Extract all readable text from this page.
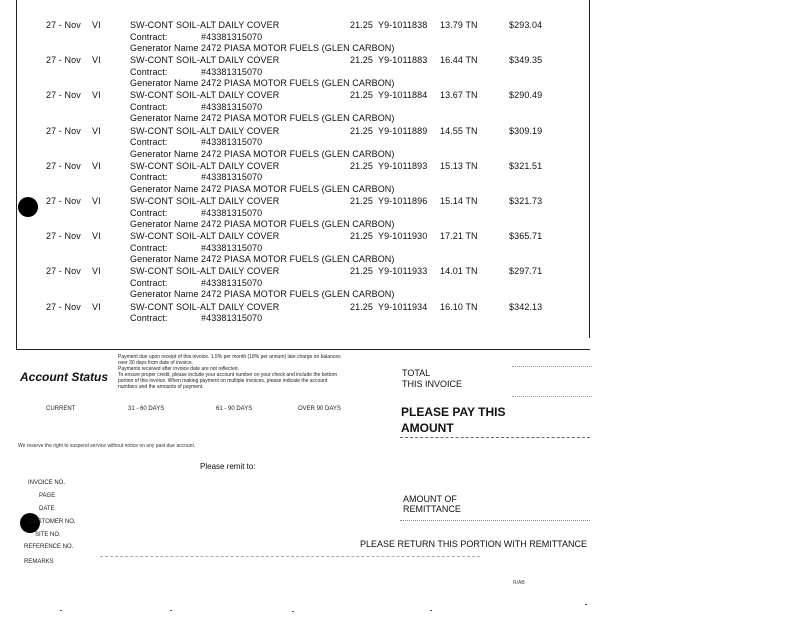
27 - Nov VI	SW-CONT SOIL-ALT DAILY COVER	21.25 Y9-1011838 13.79 TN	$293.04
Contract:	#43381315070
Generator Name 2472 PIASA MOTOR FUELS (GLEN CARBON)
27 - Nov VI	SW-CONT SOIL-ALT DAILY COVER	21.25 Y9-1011883 16.44 TN	$349.35
Contract:	#43381315070
Generator Name 2472 PIASA MOTOR FUELS (GLEN CARBON)
27 - Nov VI	SW-CONT SOIL-ALT DAILY COVER	21.25 Y9-1011884 13.67 TN	$290.49
Contract:	#43381315070
Generator Name 2472 PIASA MOTOR FUELS (GLEN CARBON)
27 - Nov VI	SW-CONT SOIL-ALT DAILY COVER	21.25 Y9-1011889 14.55 TN	$309.19
Contract:	#43381315070
Generator Name 2472 PIASA MOTOR FUELS (GLEN CARBON)
27 - Nov VI	SW-CONT SOIL-ALT DAILY COVER	21.25 Y9-1011893 15.13 TN	$321.51
Contract:	#43381315070
Generator Name 2472 PIASA MOTOR FUELS (GLEN CARBON)
27 - Nov VI	SW-CONT SOIL-ALT DAILY COVER	21.25 Y9-1011896 15.14 TN	$321.73
Contract:	#43381315070
Generator Name 2472 PIASA MOTOR FUELS (GLEN CARBON)
27 - Nov VI	SW-CONT SOIL-ALT DAILY COVER	21.25 Y9-1011930 17.21 TN	$365.71
Contract:	#43381315070
Generator Name 2472 PIASA MOTOR FUELS (GLEN CARBON)
27 - Nov VI	SW-CONT SOIL-ALT DAILY COVER	21.25 Y9-1011933 14.01 TN	$297.71
Contract:	#43381315070
Generator Name 2472 PIASA MOTOR FUELS (GLEN CARBON)
27 - Nov VI	SW-CONT SOIL-ALT DAILY COVER	21.25 Y9-1011934 16.10 TN	$342.13
Contract:	#43381315070
Payment due upon receipt of this invoice. 1.5% per month (18% per annum) late charge on balances
over 30 days from date of invoice.
Payments received after invoice date are not reflected.
To ensure proper credit, please include your account number on your check and include the bottom
portion of this invoice. When making payment on multiple invoices, please indicate the account
numbers and the amounts of payment.
Account Status
CURRENT	31 - 60 DAYS	61 - 90 DAYS	OVER 90 DAYS
TOTAL
THIS INVOICE
PLEASE PAY THIS
AMOUNT
We reserve the right to suspend service without notice on any past due account.
Please remit to:
INVOICE NO.
PAGE
DATE
CUSTOMER NO.
SITE NO.
REFERENCE NO.
REMARKS
AMOUNT OF
REMITTANCE
PLEASE RETURN THIS PORTION WITH REMITTANCE
R/AB
